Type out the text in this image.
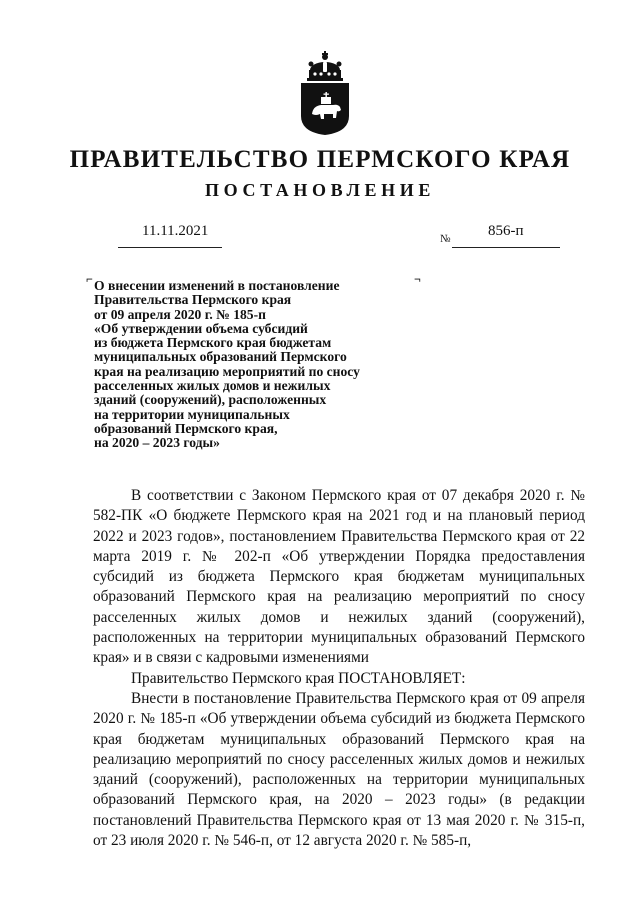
ПРАВИТЕЛЬСТВО ПЕРМСКОГО КРАЯ
ПОСТАНОВЛЕНИЕ
11.11.2021	№	856-п
⌐	¬
О внесении изменений в постановление
Правительства Пермского края
от 09 апреля 2020 г. № 185-п
«Об утверждении объема субсидий
из бюджета Пермского края бюджетам
муниципальных образований Пермского
края на реализацию мероприятий по сносу
расселенных жилых домов и нежилых
зданий (сооружений), расположенных
на территории муниципальных
образований Пермского края,
на 2020 – 2023 годы»

В соответствии с Законом Пермского края от 07 декабря 2020 г. № 582-ПК «О бюджете Пермского края на 2021 год и на плановый период 2022 и 2023 годов», постановлением Правительства Пермского края от 22 марта 2019 г. № 202-п «Об утверждении Порядка предоставления субсидий из бюджета Пермского края бюджетам муниципальных образований Пермского края на реализацию мероприятий по сносу расселенных жилых домов и нежилых зданий (сооружений), расположенных на территории муниципальных образований Пермского края» и в связи с кадровыми изменениями

Правительство Пермского края ПОСТАНОВЛЯЕТ:

Внести в постановление Правительства Пермского края от 09 апреля 2020 г. № 185-п «Об утверждении объема субсидий из бюджета Пермского края бюджетам муниципальных образований Пермского края на реализацию мероприятий по сносу расселенных жилых домов и нежилых зданий (сооружений), расположенных на территории муниципальных образований Пермского края, на 2020 – 2023 годы» (в редакции постановлений Правительства Пермского края от 13 мая 2020 г. № 315-п, от 23 июля 2020 г. № 546-п, от 12 августа 2020 г. № 585-п,
